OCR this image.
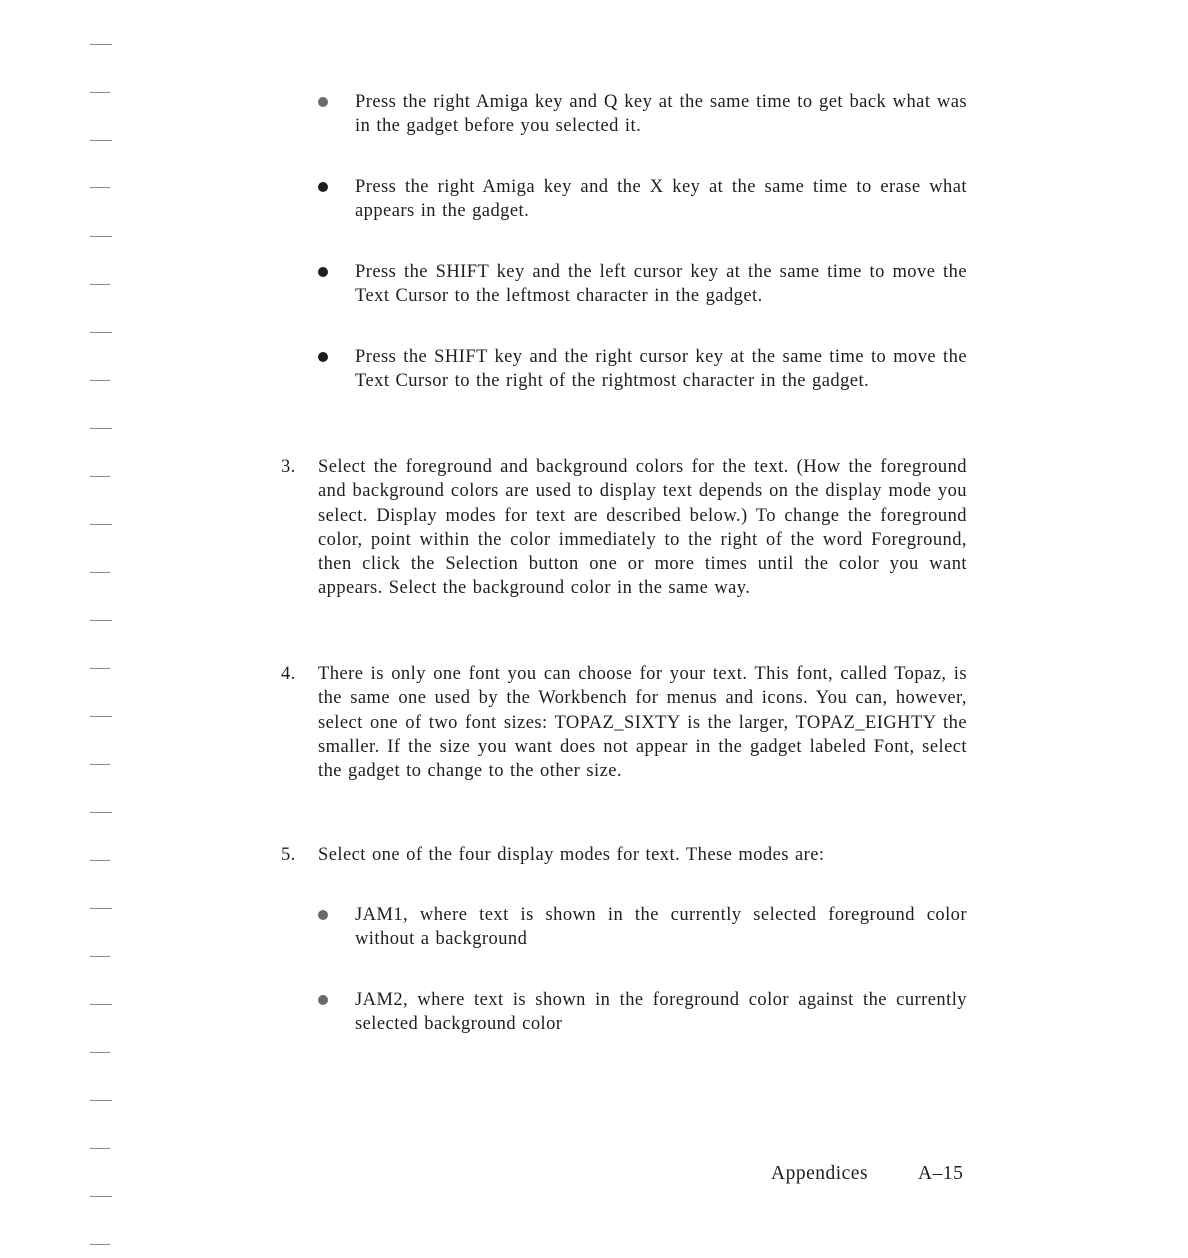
Press the right Amiga key and Q key at the same time to get back what was in the gadget before you selected it.
Press the right Amiga key and the X key at the same time to erase what appears in the gadget.
Press the SHIFT key and the left cursor key at the same time to move the Text Cursor to the leftmost character in the gadget.
Press the SHIFT key and the right cursor key at the same time to move the Text Cursor to the right of the rightmost character in the gadget.
3. Select the foreground and background colors for the text. (How the foreground and background colors are used to display text depends on the display mode you select. Display modes for text are described below.) To change the foreground color, point within the color immediately to the right of the word Foreground, then click the Selection button one or more times until the color you want appears. Select the background color in the same way.
4. There is only one font you can choose for your text. This font, called Topaz, is the same one used by the Workbench for menus and icons. You can, however, select one of two font sizes: TOPAZ_SIXTY is the larger, TOPAZ_EIGHTY the smaller. If the size you want does not appear in the gadget labeled Font, select the gadget to change to the other size.
5. Select one of the four display modes for text. These modes are:
JAM1, where text is shown in the currently selected foreground color without a background
JAM2, where text is shown in the foreground color against the currently selected background color
Appendices	A–15
